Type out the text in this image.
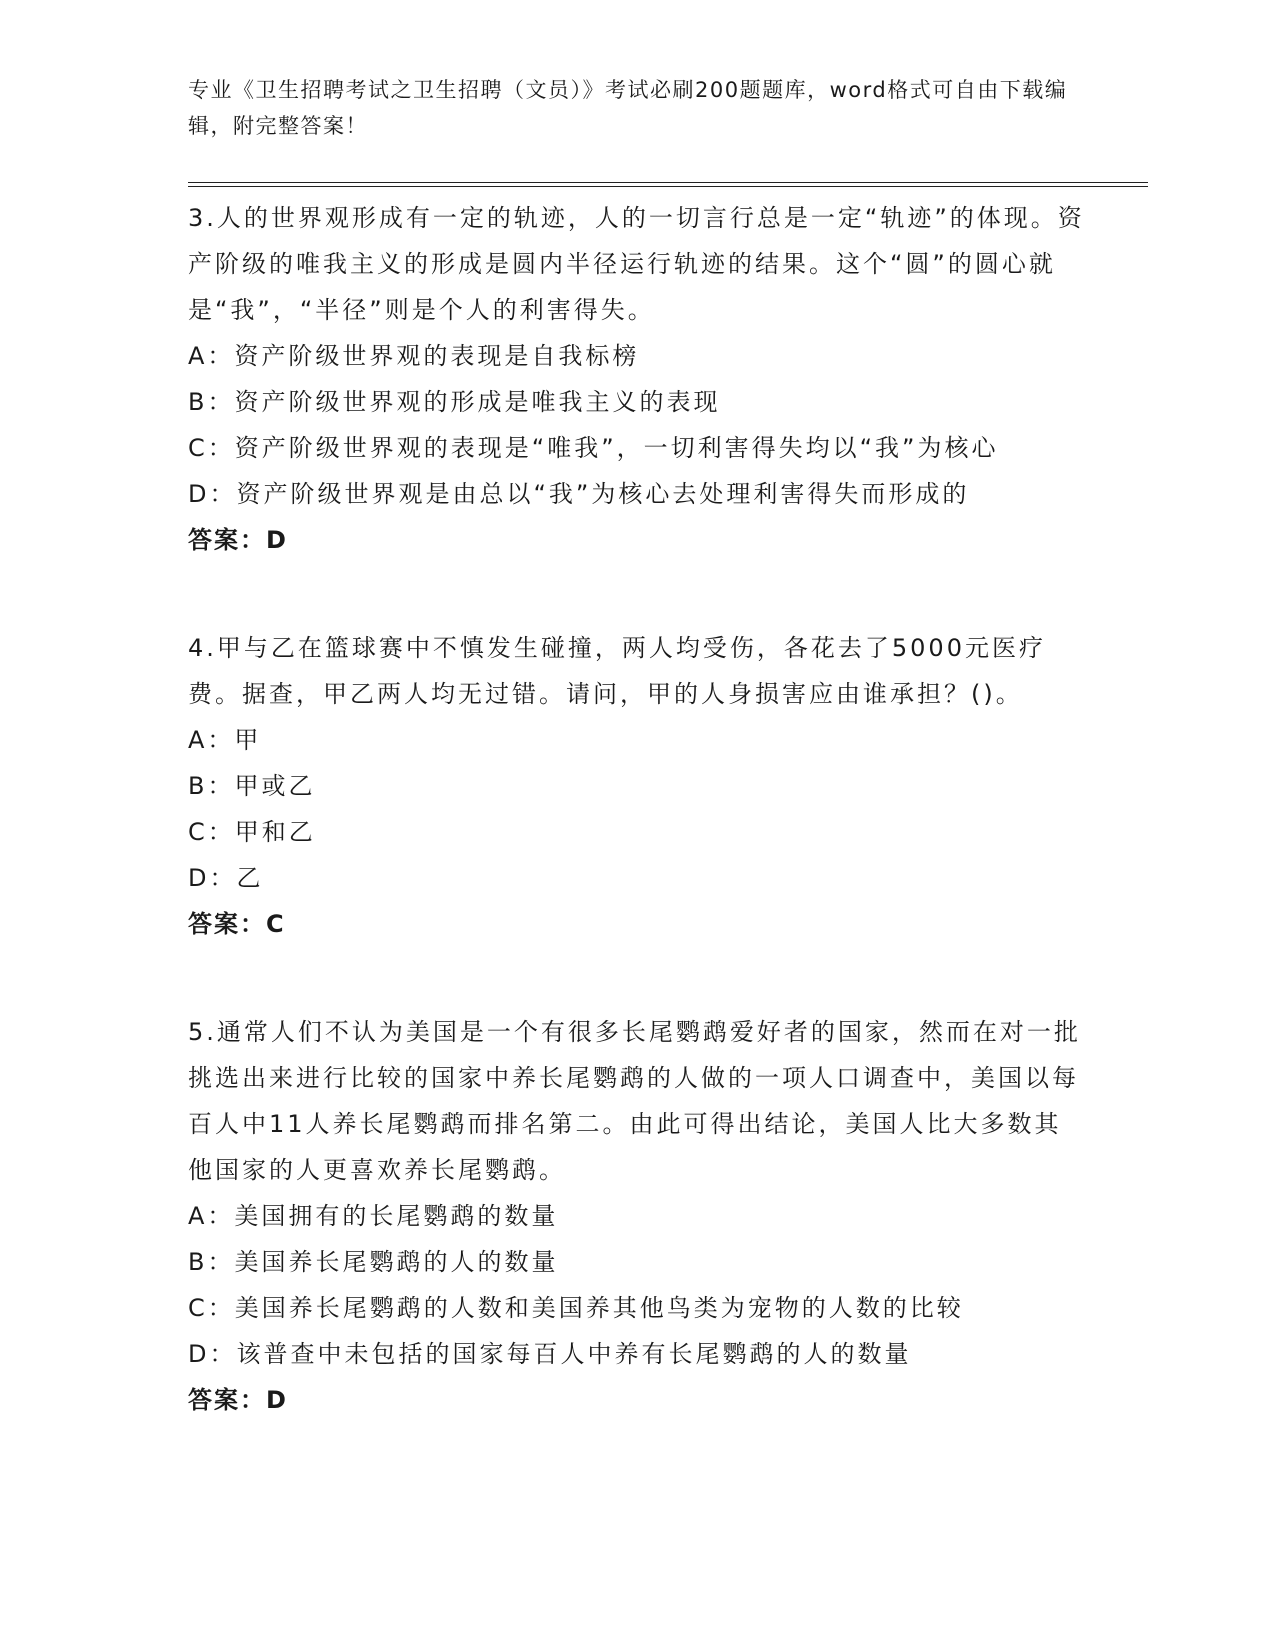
专业《卫生招聘考试之卫生招聘（文员）》考试必刷200题题库，word格式可自由下载编辑，附完整答案！

3.人的世界观形成有一定的轨迹，人的一切言行总是一定“轨迹”的体现。资产阶级的唯我主义的形成是圆内半径运行轨迹的结果。这个“圆”的圆心就是“我”，“半径”则是个人的利害得失。

A：资产阶级世界观的表现是自我标榜

B：资产阶级世界观的形成是唯我主义的表现

C：资产阶级世界观的表现是“唯我”，一切利害得失均以“我”为核心

D：资产阶级世界观是由总以“我”为核心去处理利害得失而形成的

答案：D

4.甲与乙在篮球赛中不慎发生碰撞，两人均受伤，各花去了5000元医疗费。据查，甲乙两人均无过错。请问，甲的人身损害应由谁承担？()。

A：甲

B：甲或乙

C：甲和乙

D：乙

答案：C

5.通常人们不认为美国是一个有很多长尾鹦鹉爱好者的国家，然而在对一批挑选出来进行比较的国家中养长尾鹦鹉的人做的一项人口调查中，美国以每百人中11人养长尾鹦鹉而排名第二。由此可得出结论，美国人比大多数其他国家的人更喜欢养长尾鹦鹉。

A：美国拥有的长尾鹦鹉的数量

B：美国养长尾鹦鹉的人的数量

C：美国养长尾鹦鹉的人数和美国养其他鸟类为宠物的人数的比较

D：该普查中未包括的国家每百人中养有长尾鹦鹉的人的数量

答案：D
